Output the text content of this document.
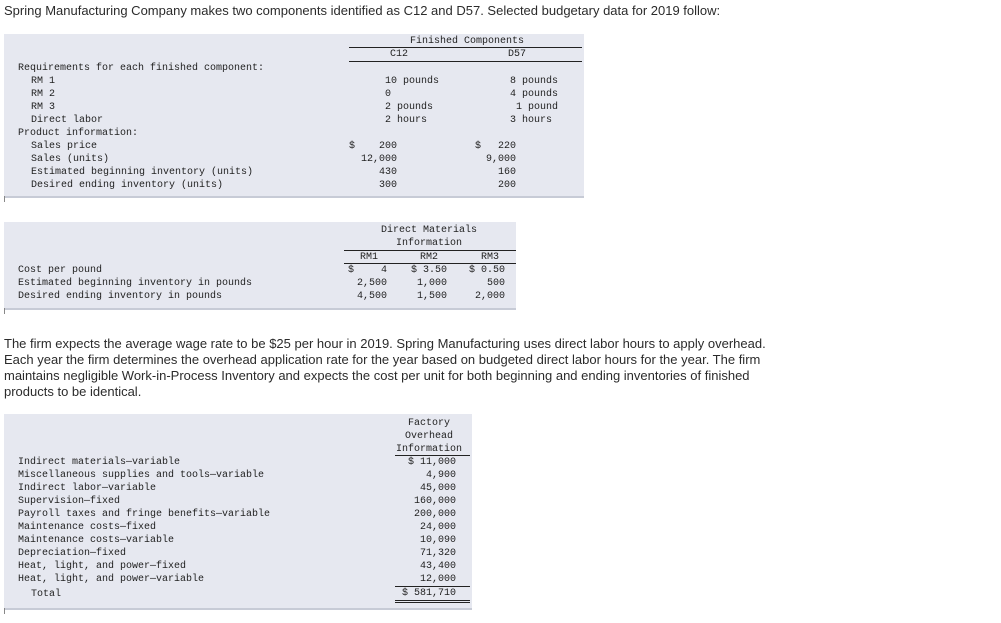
Spring Manufacturing Company makes two components identified as C12 and D57. Selected budgetary data for 2019 follow:
Finished Components
C12	D57
Requirements for each finished component:
RM 1	10 pounds	8 pounds
RM 2	0	4 pounds
RM 3	2 pounds	1 pound
Direct labor	2 hours	3 hours
Product information:
Sales price	$	200	$	220
Sales (units)	12,000	9,000
Estimated beginning inventory (units)	430	160
Desired ending inventory (units)	300	200
Direct Materials
Information
RM1	RM2	RM3
Cost per pound	$	4	$ 3.50	$ 0.50
Estimated beginning inventory in pounds	2,500	1,000	500
Desired ending inventory in pounds	4,500	1,500	2,000
The firm expects the average wage rate to be $25 per hour in 2019. Spring Manufacturing uses direct labor hours to apply overhead. Each year the firm determines the overhead application rate for the year based on budgeted direct labor hours for the year. The firm maintains negligible Work-in-Process Inventory and expects the cost per unit for both beginning and ending inventories of finished products to be identical.
Factory
Overhead
Information
Indirect materials—variable	$ 11,000
Miscellaneous supplies and tools—variable	4,900
Indirect labor—variable	45,000
Supervision—fixed	160,000
Payroll taxes and fringe benefits—variable	200,000
Maintenance costs—fixed	24,000
Maintenance costs—variable	10,090
Depreciation—fixed	71,320
Heat, light, and power—fixed	43,400
Heat, light, and power—variable	12,000
Total	$ 581,710
